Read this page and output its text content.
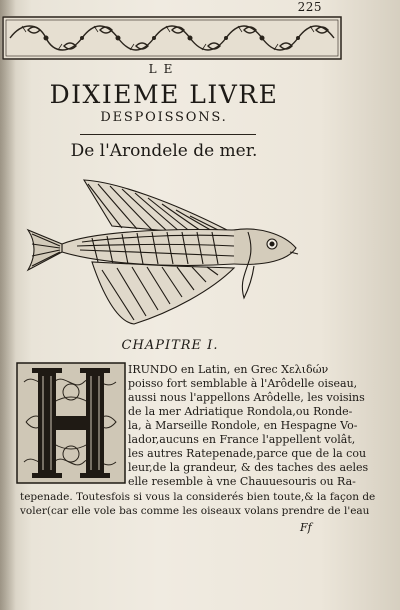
225
LE
DIXIEME LIVRE
DESPOISSONS.
De l'Arondele de mer.
CHAPITRE I.
IRUNDO en Latin, en Grec Χελιδών
poisso fort semblable à l'Arôdelle oiseau,
aussi nous l'appellons Arôdelle, les voisins
de la mer Adriatique Rondola,ou Ronde-
la, à Marseille Rondole, en Hespagne Vo-
lador,aucuns en France l'appellent volât,
les autres Ratepenade,parce que de la cou
leur,de la grandeur, & des taches des aeles
elle resemble à vne Chauuesouris ou Ra-
tepenade. Toutesfois si vous la considerés bien toute,& la façon de
voler(car elle vole bas comme les oiseaux volans prendre de l'eau
Ff
